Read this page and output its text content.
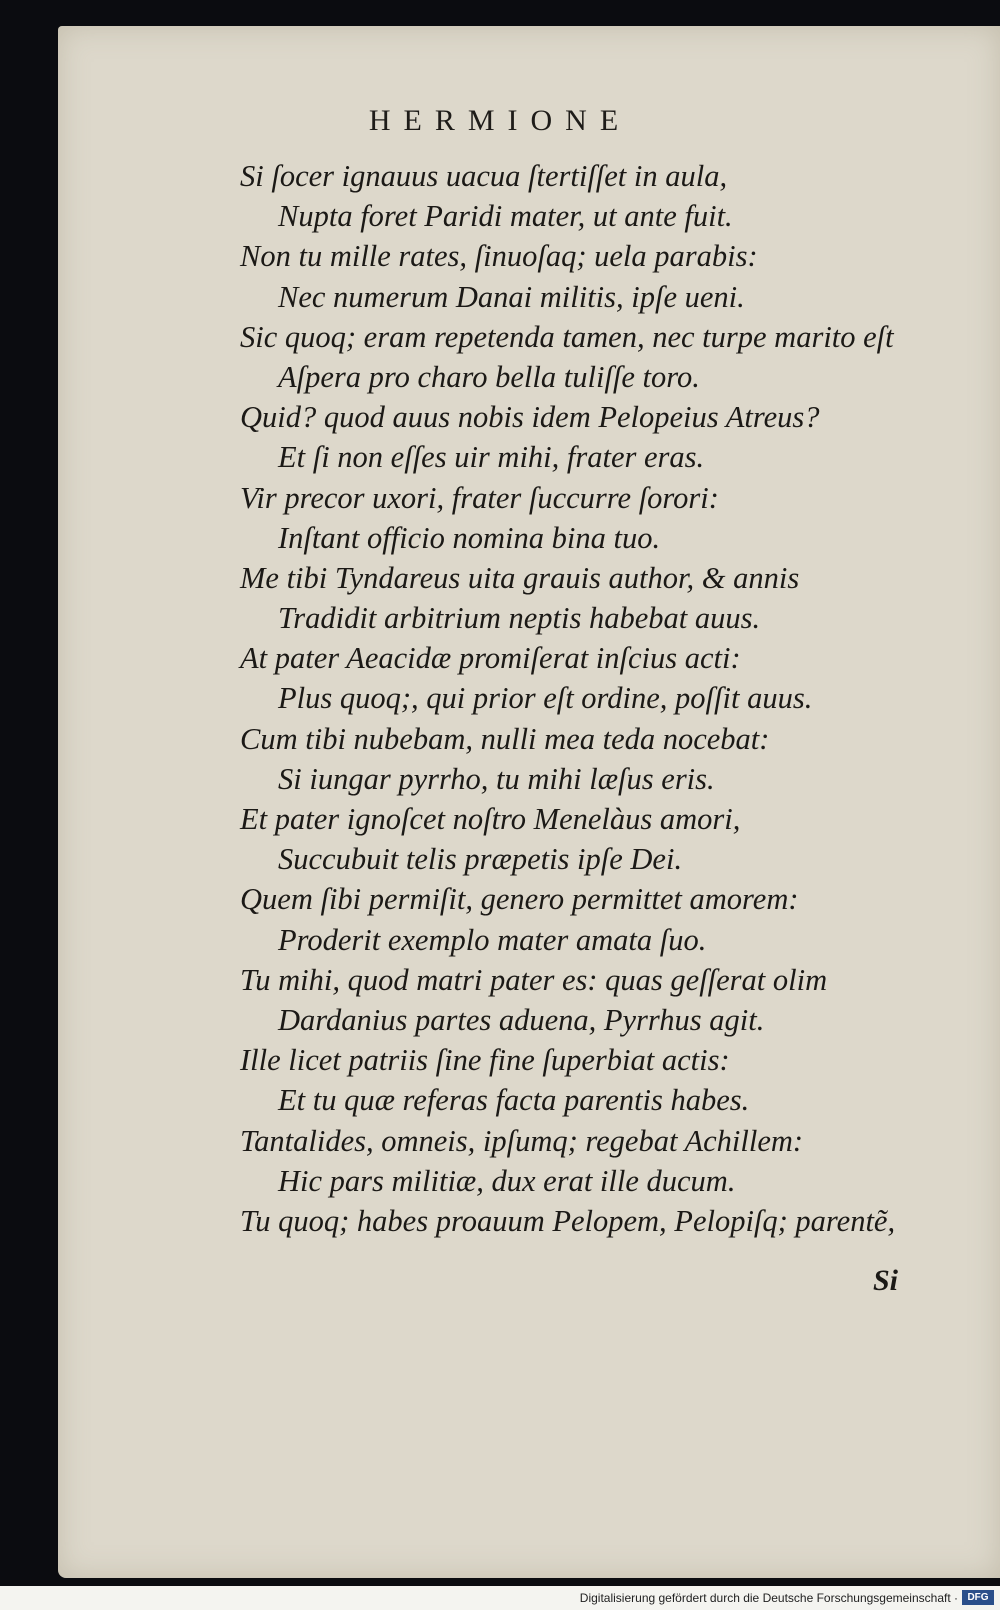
HERMIONE
Si ſocer ignauus uacua ſtertiſſet in aula,
Nupta foret Paridi mater, ut ante fuit.
Non tu mille rates, ſinuoſaq; uela parabis:
Nec numerum Danai militis, ipſe ueni.
Sic quoq; eram repetenda tamen, nec turpe marito eſt
Aſpera pro charo bella tuliſſe toro.
Quid? quod auus nobis idem Pelopeius Atreus?
Et ſi non eſſes uir mihi, frater eras.
Vir precor uxori, frater ſuccurre ſorori:
Inſtant officio nomina bina tuo.
Me tibi Tyndareus uita grauis author, & annis
Tradidit arbitrium neptis habebat auus.
At pater Aeacidæ promiſerat inſcius acti:
Plus quoq;, qui prior eſt ordine, poſſit auus.
Cum tibi nubebam, nulli mea teda nocebat:
Si iungar pyrrho, tu mihi læſus eris.
Et pater ignoſcet noſtro Menelàus amori,
Succubuit telis præpetis ipſe Dei.
Quem ſibi permiſit, genero permittet amorem:
Proderit exemplo mater amata ſuo.
Tu mihi, quod matri pater es: quas geſſerat olim
Dardanius partes aduena, Pyrrhus agit.
Ille licet patriis ſine fine ſuperbiat actis:
Et tu quæ referas facta parentis habes.
Tantalides, omneis, ipſumq; regebat Achillem:
Hic pars militiæ, dux erat ille ducum.
Tu quoq; habes proauum Pelopem, Pelopiſq; parentẽ,
Si
Digitalisierung gefördert durch die Deutsche Forschungsgemeinschaft · DFG
